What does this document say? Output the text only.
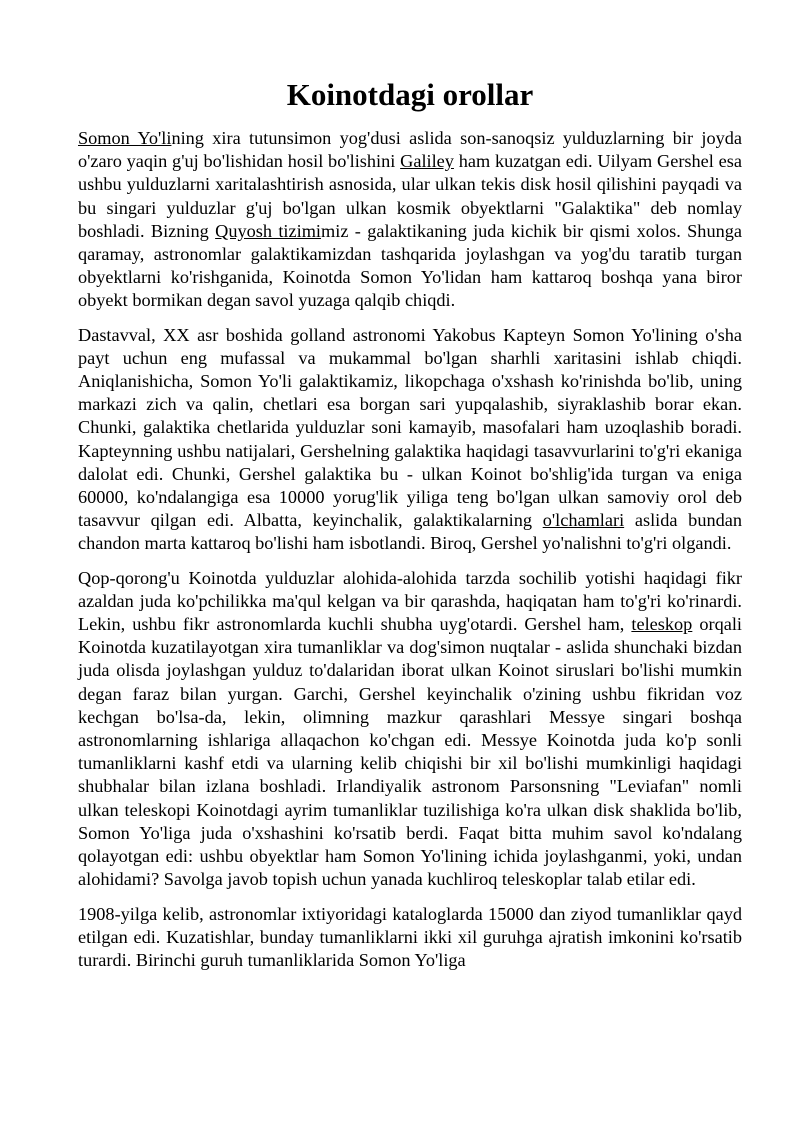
Koinotdagi orollar

Somon Yo'lining xira tutunsimon yog'dusi aslida son-sanoqsiz yulduzlarning bir joyda o'zaro yaqin g'uj bo'lishidan hosil bo'lishini Galiley ham kuzatgan edi. Uilyam Gershel esa ushbu yulduzlarni xaritalashtirish asnosida, ular ulkan tekis disk hosil qilishini payqadi va bu singari yulduzlar g'uj bo'lgan ulkan kosmik obyektlarni "Galaktika" deb nomlay boshladi. Bizning Quyosh tizimimiz - galaktikaning juda kichik bir qismi xolos. Shunga qaramay, astronomlar galaktikamizdan tashqarida joylashgan va yog'du taratib turgan obyektlarni ko'rishganida, Koinotda Somon Yo'lidan ham kattaroq boshqa yana biror obyekt bormikan degan savol yuzaga qalqib chiqdi.

Dastavval, XX asr boshida golland astronomi Yakobus Kapteyn Somon Yo'lining o'sha payt uchun eng mufassal va mukammal bo'lgan sharhli xaritasini ishlab chiqdi. Aniqlanishicha, Somon Yo'li galaktikamiz, likopchaga o'xshash ko'rinishda bo'lib, uning markazi zich va qalin, chetlari esa borgan sari yupqalashib, siyraklashib borar ekan. Chunki, galaktika chetlarida yulduzlar soni kamayib, masofalari ham uzoqlashib boradi. Kapteynning ushbu natijalari, Gershelning galaktika haqidagi tasavvurlarini to'g'ri ekaniga dalolat edi. Chunki, Gershel galaktika bu - ulkan Koinot bo'shlig'ida turgan va eniga 60000, ko'ndalangiga esa 10000 yorug'lik yiliga teng bo'lgan ulkan samoviy orol deb tasavvur qilgan edi. Albatta, keyinchalik, galaktikalarning o'lchamlari aslida bundan chandon marta kattaroq bo'lishi ham isbotlandi. Biroq, Gershel yo'nalishni to'g'ri olgandi.

Qop-qorong'u Koinotda yulduzlar alohida-alohida tarzda sochilib yotishi haqidagi fikr azaldan juda ko'pchilikka ma'qul kelgan va bir qarashda, haqiqatan ham to'g'ri ko'rinardi. Lekin, ushbu fikr astronomlarda kuchli shubha uyg'otardi. Gershel ham, teleskop orqali Koinotda kuzatilayotgan xira tumanliklar va dog'simon nuqtalar - aslida shunchaki bizdan juda olisda joylashgan yulduz to'dalaridan iborat ulkan Koinot siruslari bo'lishi mumkin degan faraz bilan yurgan. Garchi, Gershel keyinchalik o'zining ushbu fikridan voz kechgan bo'lsa-da, lekin, olimning mazkur qarashlari Messye singari boshqa astronomlarning ishlariga allaqachon ko'chgan edi. Messye Koinotda juda ko'p sonli tumanliklarni kashf etdi va ularning kelib chiqishi bir xil bo'lishi mumkinligi haqidagi shubhalar bilan izlana boshladi. Irlandiyalik astronom Parsonsning "Leviafan" nomli ulkan teleskopi Koinotdagi ayrim tumanliklar tuzilishiga ko'ra ulkan disk shaklida bo'lib, Somon Yo'liga juda o'xshashini ko'rsatib berdi. Faqat bitta muhim savol ko'ndalang qolayotgan edi: ushbu obyektlar ham Somon Yo'lining ichida joylashganmi, yoki, undan alohidami? Savolga javob topish uchun yanada kuchliroq teleskoplar talab etilar edi.

1908-yilga kelib, astronomlar ixtiyoridagi kataloglarda 15000 dan ziyod tumanliklar qayd etilgan edi. Kuzatishlar, bunday tumanliklarni ikki xil guruhga ajratish imkonini ko'rsatib turardi. Birinchi guruh tumanliklarida Somon Yo'liga
